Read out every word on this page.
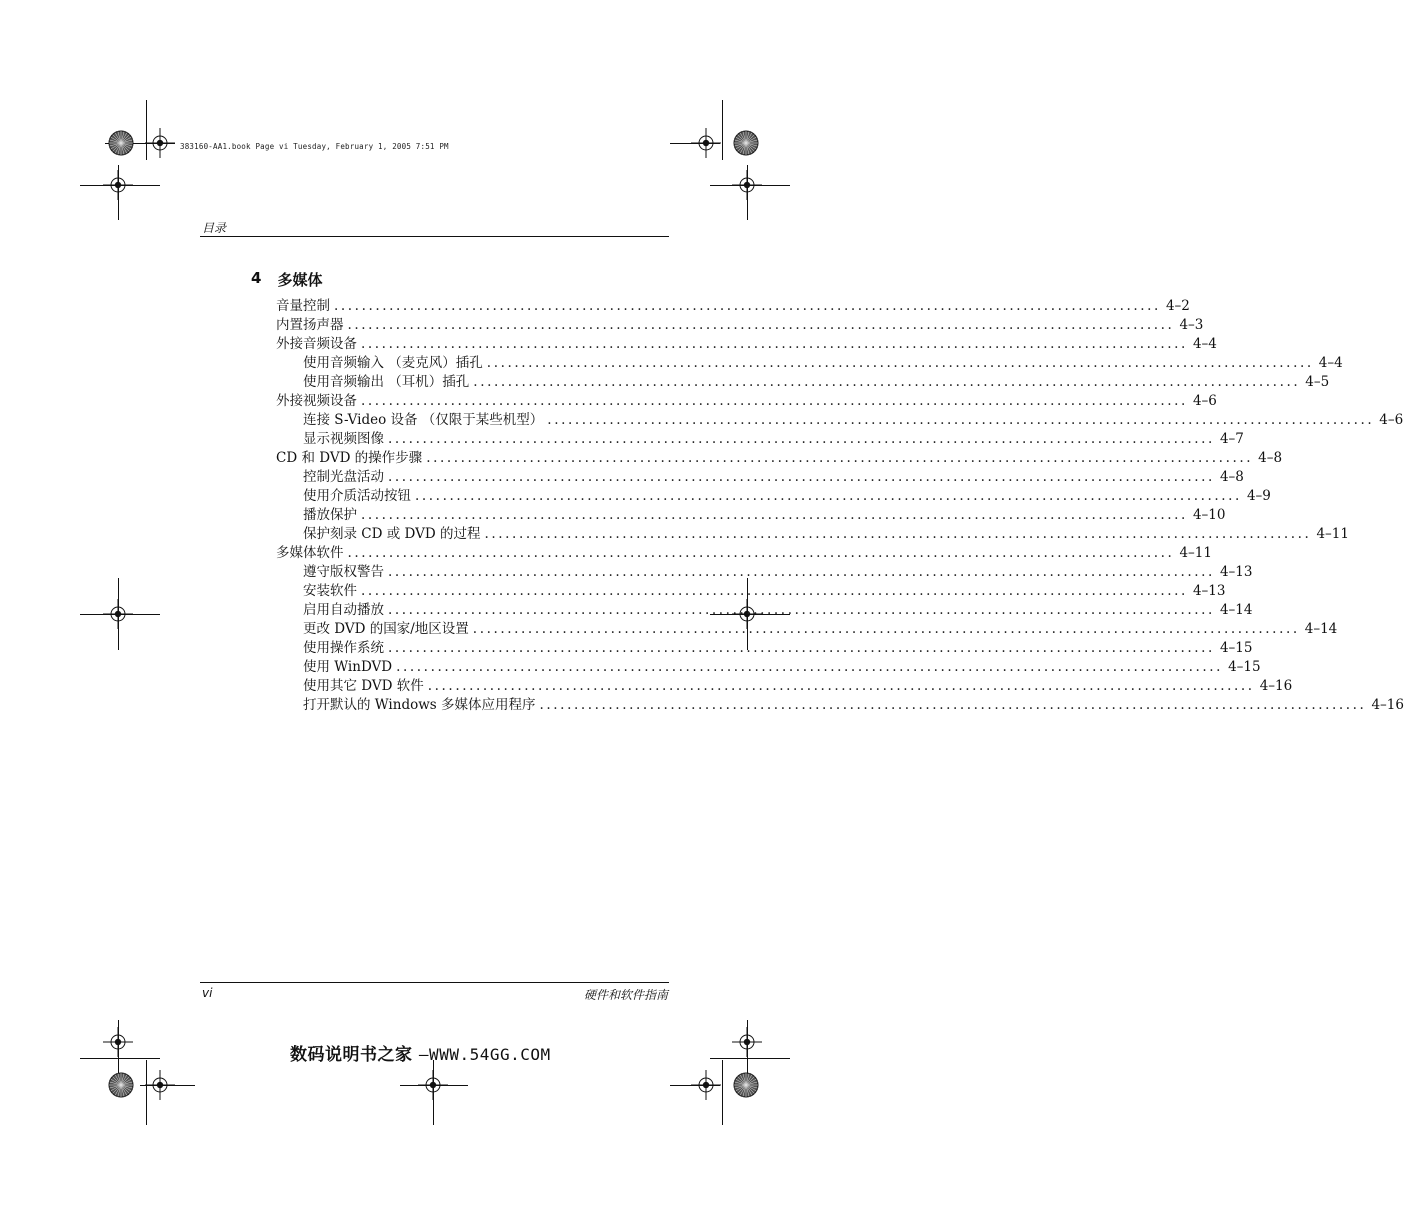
383160-AA1.book Page vi Tuesday, February 1, 2005 7:51 PM
目录
4 多媒体
音量控制 ........................................................................................................................ 4–2
内置扬声器 ........................................................................................................................ 4–3
外接音频设备 ........................................................................................................................ 4–4
使用音频输入 （麦克风）插孔 ........................................................................................................................ 4–4
使用音频输出 （耳机）插孔 ........................................................................................................................ 4–5
外接视频设备 ........................................................................................................................ 4–6
连接 S-Video 设备 （仅限于某些机型） ........................................................................................................................ 4–6
显示视频图像 ........................................................................................................................ 4–7
CD 和 DVD 的操作步骤 ........................................................................................................................ 4–8
控制光盘活动 ........................................................................................................................ 4–8
使用介质活动按钮 ........................................................................................................................ 4–9
播放保护 ........................................................................................................................ 4–10
保护刻录 CD 或 DVD 的过程 ........................................................................................................................ 4–11
多媒体软件 ........................................................................................................................ 4–11
遵守版权警告 ........................................................................................................................ 4–13
安装软件 ........................................................................................................................ 4–13
启用自动播放 ........................................................................................................................ 4–14
更改 DVD 的国家/地区设置 ........................................................................................................................ 4–14
使用操作系统 ........................................................................................................................ 4–15
使用 WinDVD ........................................................................................................................ 4–15
使用其它 DVD 软件 ........................................................................................................................ 4–16
打开默认的 Windows 多媒体应用程序 ........................................................................................................................ 4–16
vi	硬件和软件指南
数码说明书之家 —WWW.54GG.COM
